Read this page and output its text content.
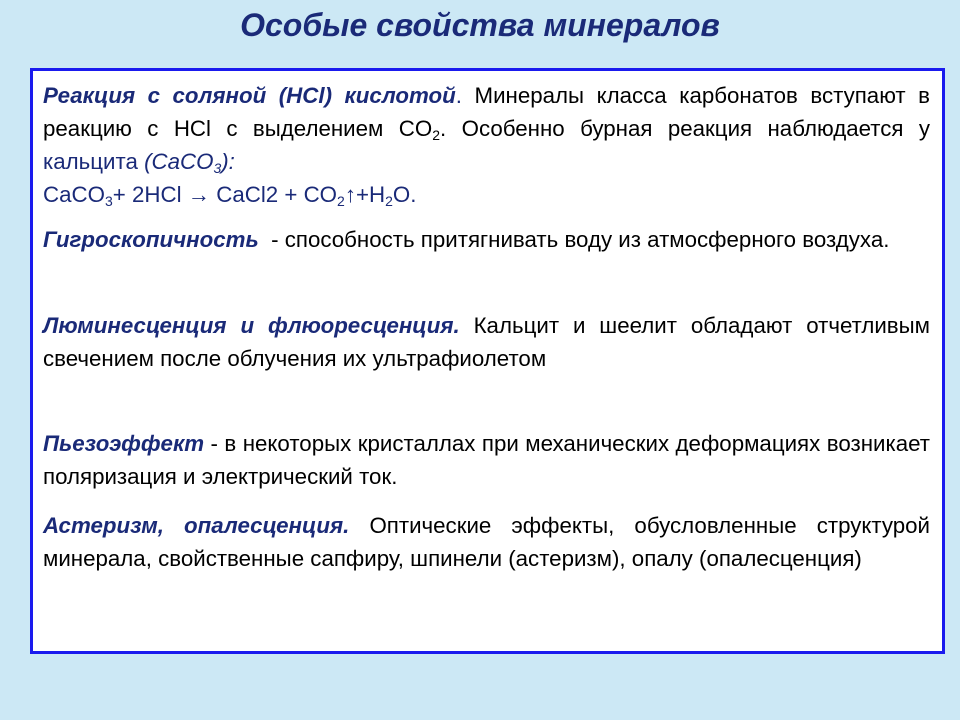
Особые свойства минералов

Реакция с соляной (HCl) кислотой. Минералы класса карбонатов вступают в реакцию с HCl с выделением $CO_2$. Особенно бурная реакция наблюдается у кальцита (CaCO$_3$):
CaCO$_3$+ 2HCl → CaCl2 + $CO_2↑+H_2O$.

Гигроскопичность  - способность притягнивать воду из атмосферного воздуха.

Люминесценция и флюоресценция. Кальцит и шеелит обладают отчетливым свечением после облучения их ультрафиолетом

Пьезоэффект - в некоторых кристаллах при механических деформациях возникает поляризация и электрический ток.

Астеризм, опалесценция. Оптические эффекты, обусловленные структурой минерала, свойственные сапфиру, шпинели (астеризм), опалу (опалесценция)
